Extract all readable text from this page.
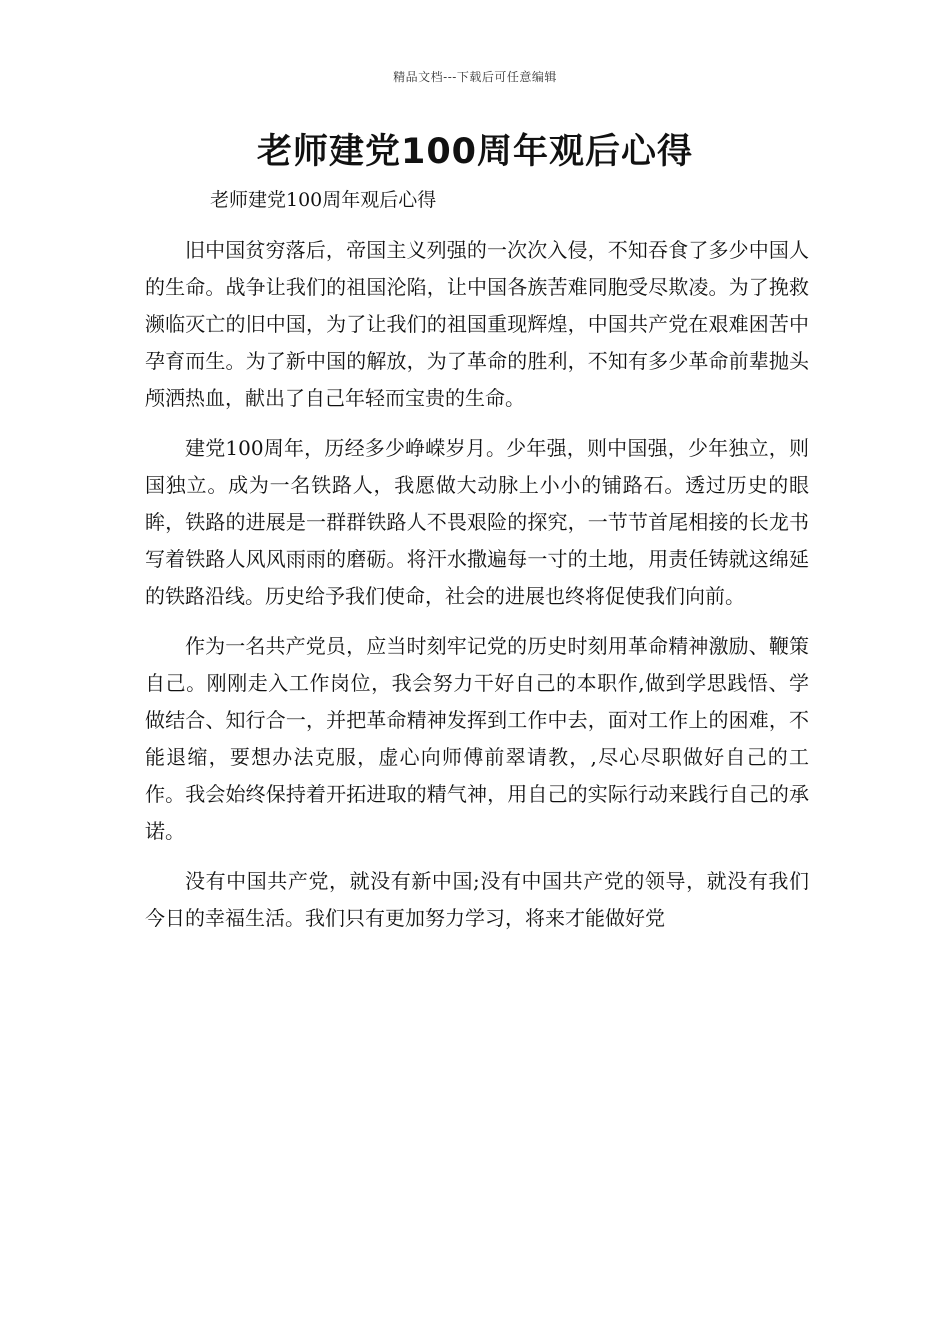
精品文档---下载后可任意编辑
老师建党100周年观后心得
老师建党100周年观后心得

旧中国贫穷落后，帝国主义列强的一次次入侵，不知吞食了多少中国人的生命。战争让我们的祖国沦陷，让中国各族苦难同胞受尽欺凌。为了挽救濒临灭亡的旧中国，为了让我们的祖国重现辉煌，中国共产党在艰难困苦中孕育而生。为了新中国的解放，为了革命的胜利，不知有多少革命前辈抛头颅洒热血，献出了自己年轻而宝贵的生命。

建党100周年，历经多少峥嵘岁月。少年强，则中国强，少年独立，则国独立。成为一名铁路人，我愿做大动脉上小小的铺路石。透过历史的眼眸，铁路的进展是一群群铁路人不畏艰险的探究，一节节首尾相接的长龙书写着铁路人风风雨雨的磨砺。将汗水撒遍每一寸的土地，用责任铸就这绵延的铁路沿线。历史给予我们使命，社会的进展也终将促使我们向前。

作为一名共产党员，应当时刻牢记党的历史时刻用革命精神激励、鞭策自己。刚刚走入工作岗位，我会努力干好自己的本职作,做到学思践悟、学做结合、知行合一，并把革命精神发挥到工作中去，面对工作上的困难，不能退缩，要想办法克服，虚心向师傅前翠请教，,尽心尽职做好自己的工作。我会始终保持着开拓进取的精气神，用自己的实际行动来践行自己的承诺。

没有中国共产党，就没有新中国;没有中国共产党的领导，就没有我们今日的幸福生活。我们只有更加努力学习，将来才能做好党
